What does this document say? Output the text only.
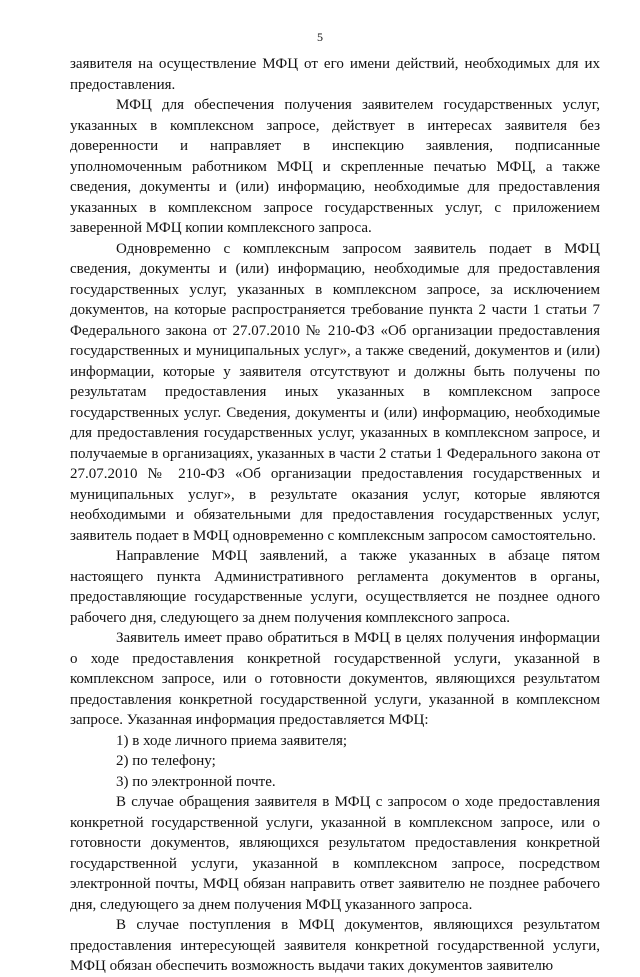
5

заявителя на осуществление МФЦ от его имени действий, необходимых для их предоставления.

МФЦ для обеспечения получения заявителем государственных услуг, указанных в комплексном запросе, действует в интересах заявителя без доверенности и направляет в инспекцию заявления, подписанные уполномоченным работником МФЦ и скрепленные печатью МФЦ, а также сведения, документы и (или) информацию, необходимые для предоставления указанных в комплексном запросе государственных услуг, с приложением заверенной МФЦ копии комплексного запроса.

Одновременно с комплексным запросом заявитель подает в МФЦ сведения, документы и (или) информацию, необходимые для предоставления государственных услуг, указанных в комплексном запросе, за исключением документов, на которые распространяется требование пункта 2 части 1 статьи 7 Федерального закона от 27.07.2010 № 210-ФЗ «Об организации предоставления государственных и муниципальных услуг», а также сведений, документов и (или) информации, которые у заявителя отсутствуют и должны быть получены по результатам предоставления иных указанных в комплексном запросе государственных услуг. Сведения, документы и (или) информацию, необходимые для предоставления государственных услуг, указанных в комплексном запросе, и получаемые в организациях, указанных в части 2 статьи 1 Федерального закона от 27.07.2010 № 210-ФЗ «Об организации предоставления государственных и муниципальных услуг», в результате оказания услуг, которые являются необходимыми и обязательными для предоставления государственных услуг, заявитель подает в МФЦ одновременно с комплексным запросом самостоятельно.

Направление МФЦ заявлений, а также указанных в абзаце пятом настоящего пункта Административного регламента документов в органы, предоставляющие государственные услуги, осуществляется не позднее одного рабочего дня, следующего за днем получения комплексного запроса.

Заявитель имеет право обратиться в МФЦ в целях получения информации о ходе предоставления конкретной государственной услуги, указанной в комплексном запросе, или о готовности документов, являющихся результатом предоставления конкретной государственной услуги, указанной в комплексном запросе. Указанная информация предоставляется МФЦ:

1) в ходе личного приема заявителя;

2) по телефону;

3) по электронной почте.

В случае обращения заявителя в МФЦ с запросом о ходе предоставления конкретной государственной услуги, указанной в комплексном запросе, или о готовности документов, являющихся результатом предоставления конкретной государственной услуги, указанной в комплексном запросе, посредством электронной почты, МФЦ обязан направить ответ заявителю не позднее рабочего дня, следующего за днем получения МФЦ указанного запроса.

В случае поступления в МФЦ документов, являющихся результатом предоставления интересующей заявителя конкретной государственной услуги, МФЦ обязан обеспечить возможность выдачи таких документов заявителю
